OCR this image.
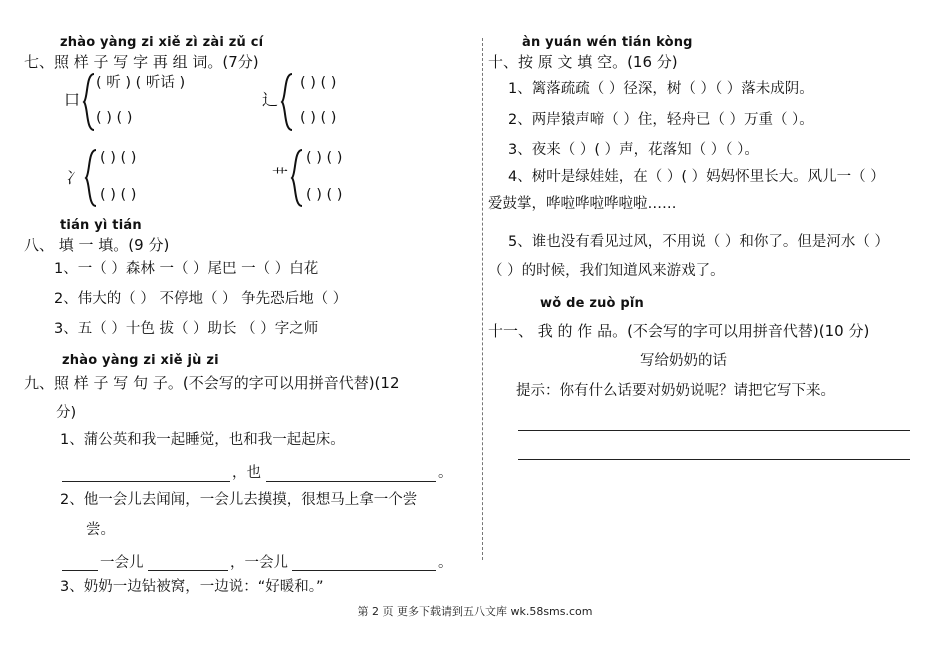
zhào yàng zi xiě zì zài zǔ cí
七、照 样 子 写 字 再 组 词。(7分)
口
( 听 ) ( 听话 )
( ) ( )
辶
( ) ( )
( ) ( )
冫
( ) ( )
( ) ( )
艹
( ) ( )
( ) ( )
tián yì tián
八、 填 一 填。(9 分)
1、一（ ）森林 一（ ）尾巴 一（ ）白花
2、伟大的（ ） 不停地（ ） 争先恐后地（ ）
3、五（ ）十色 拔（ ）助长 （ ）字之师
zhào yàng zi xiě jù zi
九、照 样 子 写 句 子。(不会写的字可以用拼音代替)(12
分)
1、蒲公英和我一起睡觉，也和我一起起床。
，也	。
2、他一会儿去闻闻，一会儿去摸摸，很想马上拿一个尝
尝。
一会儿	，一会儿	。
3、奶奶一边钻被窝，一边说：“好暖和。”
àn yuán wén tián kòng
十、按 原 文 填 空。(16 分)
1、篱落疏疏（ ）径深，树（ ）（ ）落未成阴。
2、两岸猿声啼（ ）住，轻舟已（ ）万重（ ）。
3、夜来（ ）( ）声，花落知（ ）（ ）。
4、树叶是绿娃娃，在（ ）( ）妈妈怀里长大。风儿一（ ）
爱鼓掌，哗啦哗啦哗啦啦……
5、谁也没有看见过风，不用说（ ）和你了。但是河水（ ）
（ ）的时候，我们知道风来游戏了。
wǒ de zuò pǐn
十一、 我 的 作 品。(不会写的字可以用拼音代替)(10 分)
写给奶奶的话
提示：你有什么话要对奶奶说呢？请把它写下来。
第 2 页 更多下载请到五八文库 wk.58sms.com
